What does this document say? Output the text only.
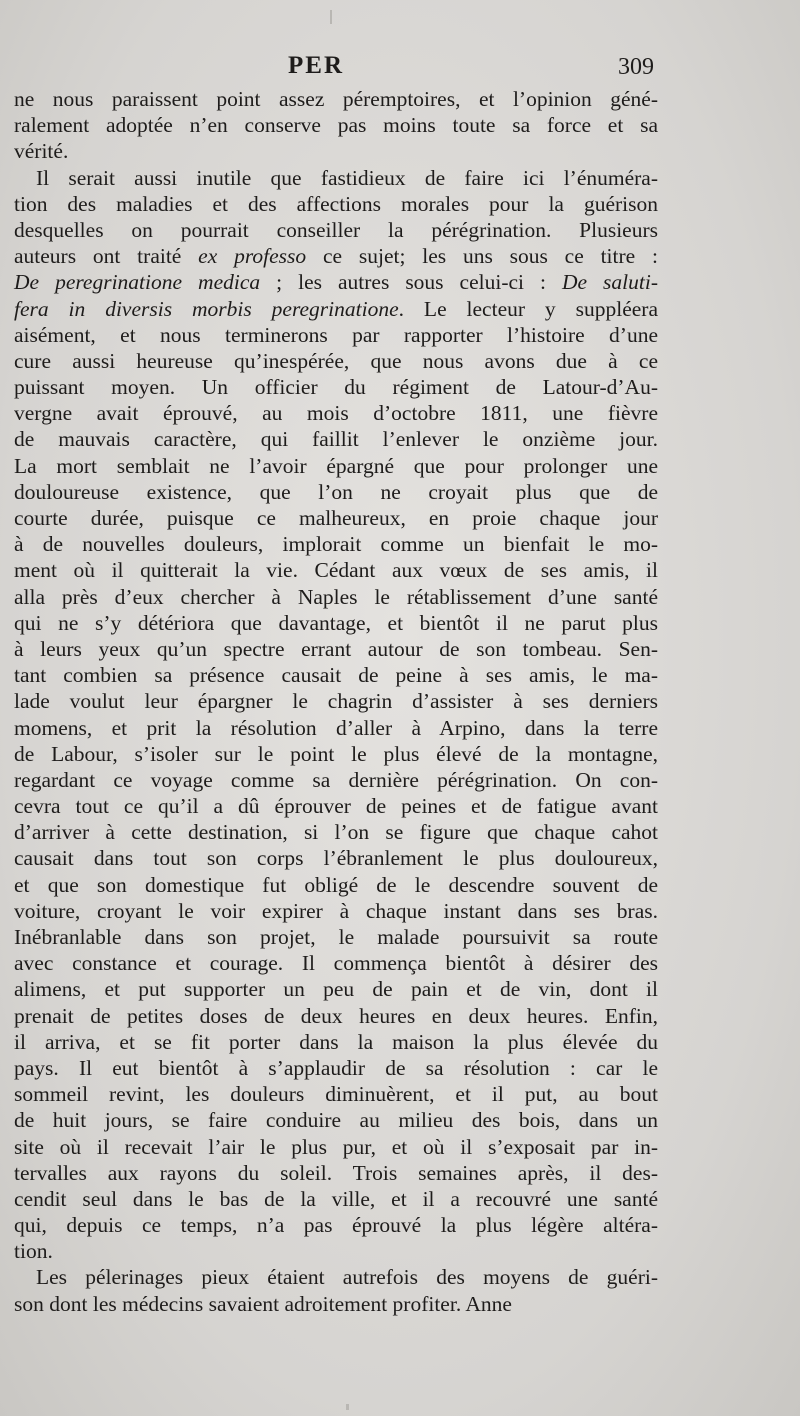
PER	309
ne nous paraissent point assez péremptoires, et l’opinion géné-
ralement adoptée n’en conserve pas moins toute sa force et sa
vérité.
Il serait aussi inutile que fastidieux de faire ici l’énuméra-
tion des maladies et des affections morales pour la guérison
desquelles on pourrait conseiller la pérégrination. Plusieurs
auteurs ont traité ex professo ce sujet; les uns sous ce titre :
De peregrinatione medica ; les autres sous celui-ci : De saluti-
fera in diversis morbis peregrinatione. Le lecteur y suppléera
aisément, et nous terminerons par rapporter l’histoire d’une
cure aussi heureuse qu’inespérée, que nous avons due à ce
puissant moyen. Un officier du régiment de Latour-d’Au-
vergne avait éprouvé, au mois d’octobre 1811, une fièvre
de mauvais caractère, qui faillit l’enlever le onzième jour.
La mort semblait ne l’avoir épargné que pour prolonger une
douloureuse existence, que l’on ne croyait plus que de
courte durée, puisque ce malheureux, en proie chaque jour
à de nouvelles douleurs, implorait comme un bienfait le mo-
ment où il quitterait la vie. Cédant aux vœux de ses amis, il
alla près d’eux chercher à Naples le rétablissement d’une santé
qui ne s’y détériora que davantage, et bientôt il ne parut plus
à leurs yeux qu’un spectre errant autour de son tombeau. Sen-
tant combien sa présence causait de peine à ses amis, le ma-
lade voulut leur épargner le chagrin d’assister à ses derniers
momens, et prit la résolution d’aller à Arpino, dans la terre
de Labour, s’isoler sur le point le plus élevé de la montagne,
regardant ce voyage comme sa dernière pérégrination. On con-
cevra tout ce qu’il a dû éprouver de peines et de fatigue avant
d’arriver à cette destination, si l’on se figure que chaque cahot
causait dans tout son corps l’ébranlement le plus douloureux,
et que son domestique fut obligé de le descendre souvent de
voiture, croyant le voir expirer à chaque instant dans ses bras.
Inébranlable dans son projet, le malade poursuivit sa route
avec constance et courage. Il commença bientôt à désirer des
alimens, et put supporter un peu de pain et de vin, dont il
prenait de petites doses de deux heures en deux heures. Enfin,
il arriva, et se fit porter dans la maison la plus élevée du
pays. Il eut bientôt à s’applaudir de sa résolution : car le
sommeil revint, les douleurs diminuèrent, et il put, au bout
de huit jours, se faire conduire au milieu des bois, dans un
site où il recevait l’air le plus pur, et où il s’exposait par in-
tervalles aux rayons du soleil. Trois semaines après, il des-
cendit seul dans le bas de la ville, et il a recouvré une santé
qui, depuis ce temps, n’a pas éprouvé la plus légère altéra-
tion.
Les pélerinages pieux étaient autrefois des moyens de guéri-
son dont les médecins savaient adroitement profiter. Anne
